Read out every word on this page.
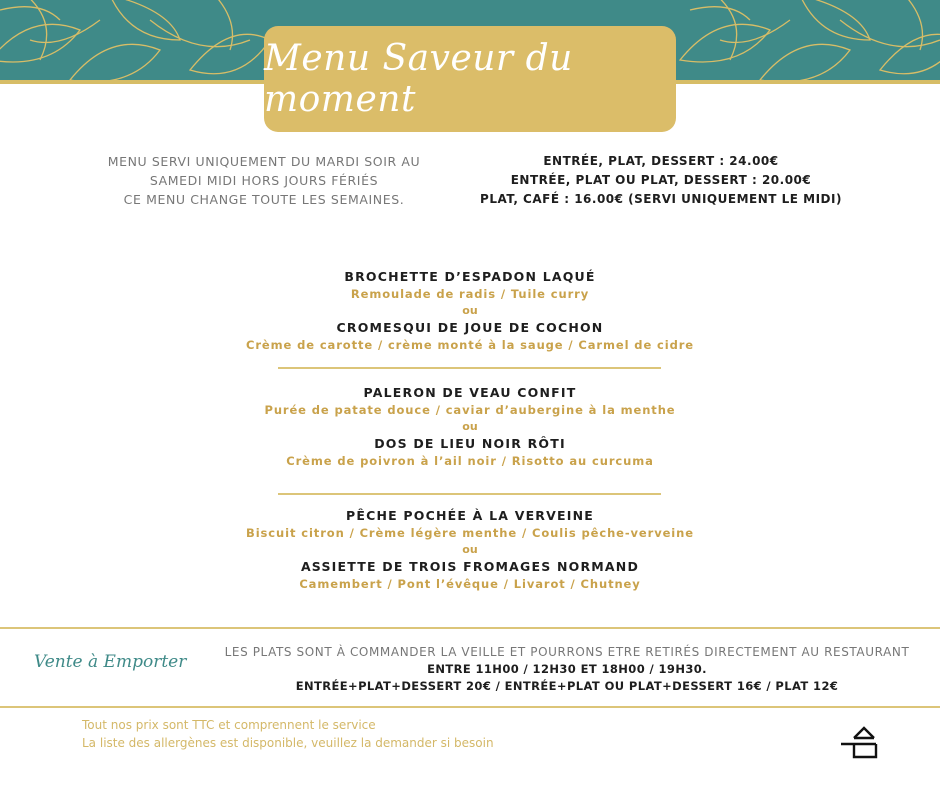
Menu Saveur du moment
MENU SERVI UNIQUEMENT DU MARDI SOIR AU
SAMEDI MIDI HORS JOURS FÉRIÉS
CE MENU CHANGE TOUTE LES SEMAINES.
ENTRÉE, PLAT, DESSERT : 24.00€
ENTRÉE, PLAT OU PLAT, DESSERT : 20.00€
PLAT, CAFÉ : 16.00€ (SERVI UNIQUEMENT LE MIDI)
BROCHETTE D’ESPADON LAQUÉ
Remoulade de radis / Tuile curry
ou
CROMESQUI DE JOUE DE COCHON
Crème de carotte / crème monté à la sauge / Carmel de cidre
PALERON DE VEAU CONFIT
Purée de patate douce / caviar d’aubergine à la menthe
ou
DOS DE LIEU NOIR RÔTI
Crème de poivron à l’ail noir / Risotto au curcuma
PÊCHE POCHÉE À LA VERVEINE
Biscuit citron / Crème légère menthe / Coulis pêche-verveine
ou
ASSIETTE DE TROIS FROMAGES NORMAND
Camembert / Pont l’évêque / Livarot / Chutney
Vente à Emporter	LES PLATS SONT À COMMANDER LA VEILLE ET POURRONS ETRE RETIRÉS DIRECTEMENT AU RESTAURANT
ENTRE 11H00 / 12H30 ET 18H00 / 19H30.
ENTRÉE+PLAT+DESSERT 20€ / ENTRÉE+PLAT OU PLAT+DESSERT 16€ / PLAT 12€
Tout nos prix sont TTC et comprennent le service
La liste des allergènes est disponible, veuillez la demander si besoin
